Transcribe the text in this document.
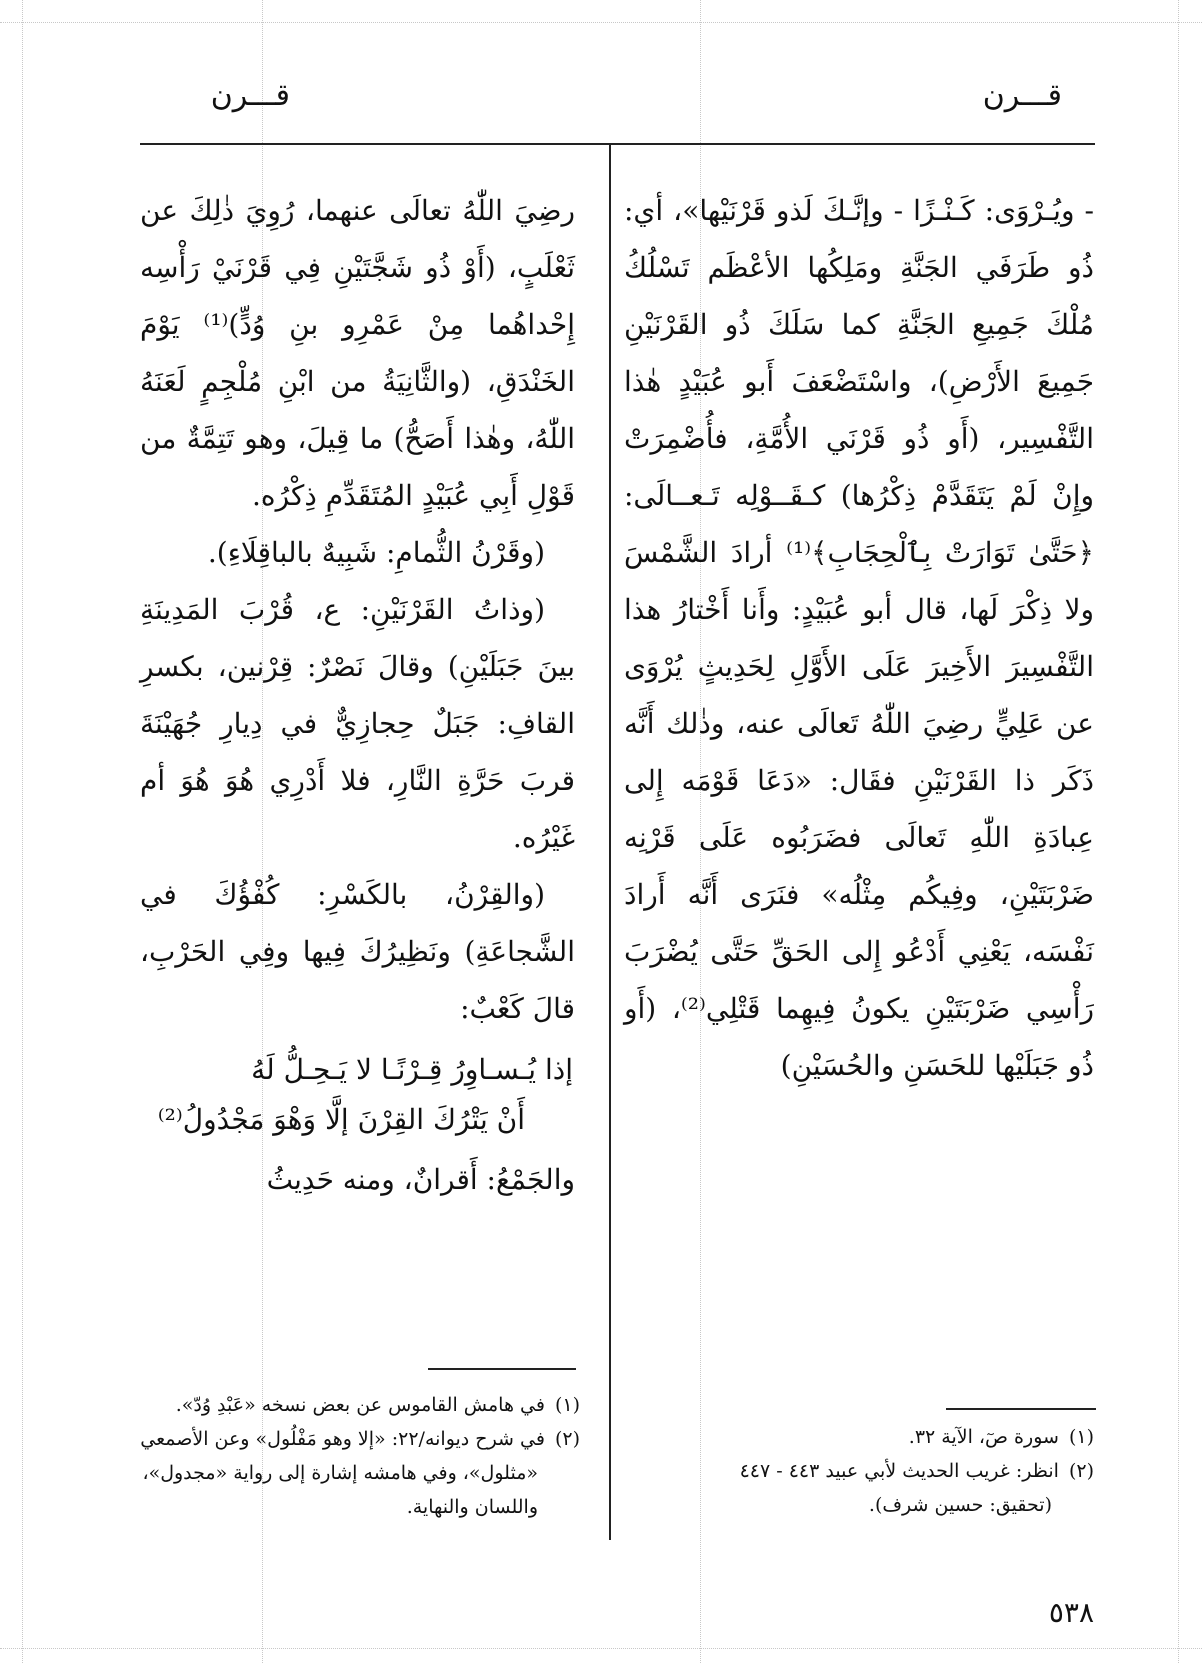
قـــرن	قـــرن

- ويُـرْوَى: كَـنْـزًا - وإنَّـكَ لَذو قَرْنَيْها»، أي: ذُو طَرَفَي الجَنَّةِ ومَلِكُها الأعْظَم تَسْلُكُ مُلْكَ جَمِيعِ الجَنَّةِ كما سَلَكَ ذُو القَرْنَيْنِ جَمِيعَ الأَرْضِ)، واسْتَضْعَفَ أَبو عُبَيْدٍ هٰذا التَّفْسِير، (أَو ذُو قَرْنَي الأُمَّةِ، فأُضْمِرَتْ وإِنْ لَمْ يَتَقَدَّمْ ذِكْرُها) كـقَــوْلِه تَـعــالَى: ﴿حَتَّىٰ تَوَارَتْ بِٱلْحِجَابِ﴾⁽¹⁾ أرادَ الشَّمْسَ ولا ذِكْرَ لَها، قال أبو عُبَيْدٍ: وأَنا أَخْتارُ هذا التَّفْسِيرَ الأَخِيرَ عَلَى الأَوَّلِ لِحَدِيثٍ يُرْوَى عن عَلِيٍّ رضِيَ اللّٰهُ تَعالَى عنه، وذٰلك أَنَّه ذَكَر ذا القَرْنَيْنِ فقَال: «دَعَا قَوْمَه إِلى عِبادَةِ اللّٰهِ تَعالَى فضَرَبُوه عَلَى قَرْنِه ضَرْبَتَيْنِ، وفِيكُم مِثْلُه» فنَرَى أَنَّه أَرادَ نَفْسَه، يَعْنِي أَدْعُو إِلى الحَقِّ حَتَّى يُضْرَبَ رَأْسِي ضَرْبَتَيْنِ يكونُ فِيهِما قَتْلِي⁽²⁾، (أَو ذُو جَبَلَيْها للحَسَنِ والحُسَيْنِ)

رضِيَ اللّٰهُ تعالَى عنهما، رُوِيَ ذٰلِكَ عن ثَعْلَبٍ، (أَوْ ذُو شَجَّتَيْنِ فِي قَرْنَيْ رَأْسِه إِحْداهُما مِنْ عَمْرِو بنِ وُدٍّ)⁽¹⁾ يَوْمَ الخَنْدَقِ، (والثَّانِيَةُ من ابْنِ مُلْجِمٍ لَعَنَهُ اللّٰهُ، وهٰذا أَصَحُّ) ما قِيلَ، وهو تَتِمَّةٌ من قَوْلِ أَبِي عُبَيْدٍ المُتَقَدِّمِ ذِكْرُه.

(وقَرْنُ الثُّمامِ: شَبِيهٌ بالباقِلَاءِ).

(وذاتُ القَرْنَيْنِ: ع، قُرْبَ المَدِينَةِ بينَ جَبَلَيْنِ) وقالَ نَصْرٌ: قِرْنين، بكسرِ القافِ: جَبَلٌ حِجازِيٌّ في دِيارِ جُهَيْنَةَ قربَ حَرَّةِ النَّارِ، فلا أَدْرِي هُوَ هُوَ أم غَيْرُه.

(والقِرْنُ، بالكَسْرِ: كُفْؤُكَ في الشَّجاعَةِ) ونَظِيرُكَ فِيها وفِي الحَرْبِ، قالَ كَعْبٌ:

إذا يُـسـاوِرُ قِـرْنًـا لا يَـحِـلُّ لَهُ
أَنْ يَتْرُكَ القِرْنَ إلَّا وَهْوَ مَجْدُولُ⁽²⁾

والجَمْعُ: أَقرانٌ، ومنه حَدِيثُ

(١)سورة صٓ، الآية ٣٢.

(٢)انظر: غريب الحديث لأبي عبيد ٤٤٣ - ٤٤٧
(تحقيق: حسين شرف).

(١)في هامش القاموس عن بعض نسخه «عَبْدِ وُدّ».

(٢)في شرح ديوانه/٢٢: «إلا وهو مَفْلُول» وعن الأصمعي
«مثلول»، وفي هامشه إشارة إلى رواية «مجدول»، واللسان والنهاية.

٥٣٨
